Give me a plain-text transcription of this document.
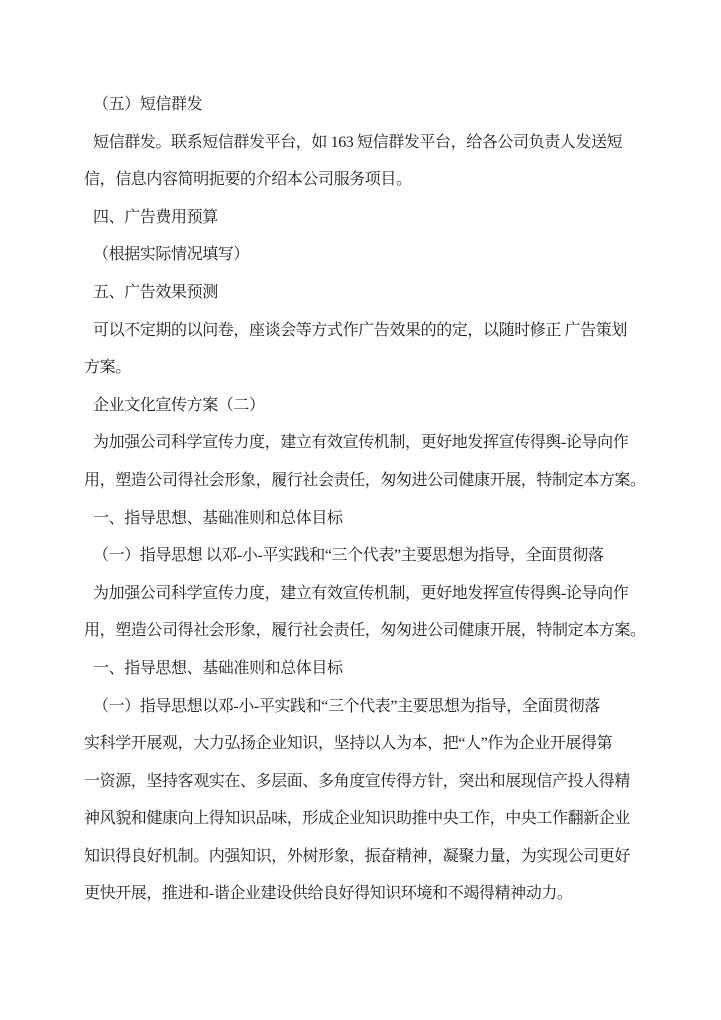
（五）短信群发
短信群发。联系短信群发平台，如 163 短信群发平台，给各公司负责人发送短
信，信息内容简明扼要的介绍本公司服务项目。
四、广告费用预算
（根据实际情况填写）
五、广告效果预测
可以不定期的以问卷，座谈会等方式作广告效果的的定，以随时修正 广告策划
方案。
企业文化宣传方案（二）
为加强公司科学宣传力度，建立有效宣传机制，更好地发挥宣传得舆-论导向作
用，塑造公司得社会形象，履行社会责任，匆匆进公司健康开展，特制定本方案。
一、指导思想、基础准则和总体目标
（一）指导思想 以邓-小-平实践和“三个代表”主要思想为指导，全面贯彻落
为加强公司科学宣传力度，建立有效宣传机制，更好地发挥宣传得舆-论导向作
用，塑造公司得社会形象，履行社会责任，匆匆进公司健康开展，特制定本方案。
一、指导思想、基础准则和总体目标
（一）指导思想以邓-小-平实践和“三个代表”主要思想为指导，全面贯彻落
实科学开展观，大力弘扬企业知识，坚持以人为本，把“人”作为企业开展得第
一资源，坚持客观实在、多层面、多角度宣传得方针，突出和展现信产投人得精
神风貌和健康向上得知识品味，形成企业知识助推中央工作，中央工作翻新企业
知识得良好机制。内强知识，外树形象，振奋精神，凝聚力量，为实现公司更好
更快开展，推进和-谐企业建设供给良好得知识环境和不竭得精神动力。
